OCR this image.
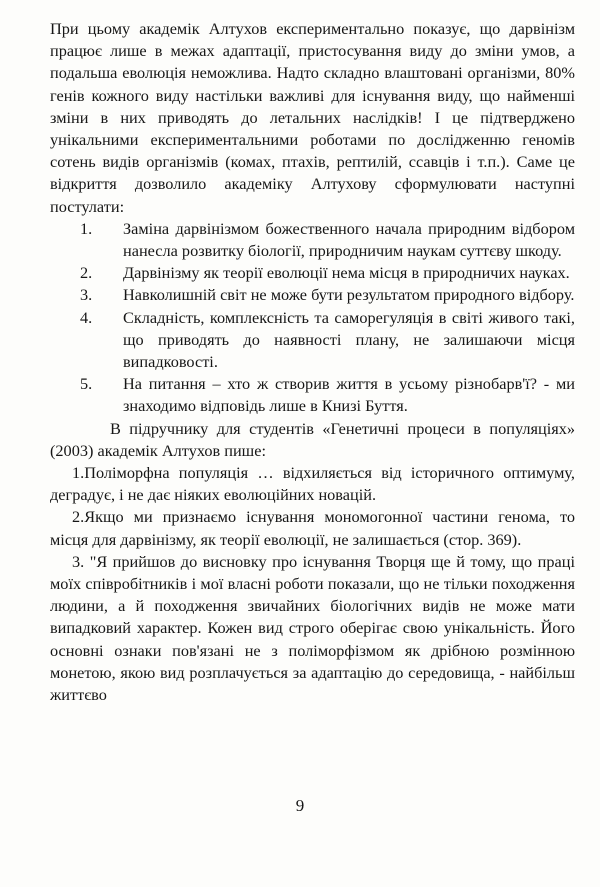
При цьому академік Алтухов експериментально показує, що дарвінізм працює лише в межах адаптації, пристосування виду до зміни умов, а подальша еволюція неможлива. Надто складно влаштовані організми, 80% генів кожного виду настільки важливі для існування виду, що найменші зміни в них приводять до летальних наслідків! І це підтверджено унікальними експериментальними роботами по дослідженню геномів сотень видів організмів (комах, птахів, рептилій, ссавців і т.п.). Саме це відкриття дозволило академіку Алтухову сформулювати наступні постулати:

1. Заміна дарвінізмом божественного начала природним відбором нанесла розвитку біології, природничим наукам суттєву шкоду.
2. Дарвінізму як теорії еволюції нема місця в природничих науках.
3. Навколишній світ не може бути результатом природного відбору.
4. Складність, комплексність та саморегуляція в світі живого такі, що приводять до наявності плану, не залишаючи місця випадковості.
5. На питання – хто ж створив життя в усьому різнобарв'ї? - ми знаходимо відповідь лише в Книзі Буття.

В підручнику для студентів «Генетичні процеси в популяціях» (2003) академік Алтухов пише:

1.Поліморфна популяція … відхиляється від історичного оптимуму, деградує, і не дає ніяких еволюційних новацій.

2.Якщо ми признаємо існування мономогонної частини генома, то місця для дарвінізму, як теорії еволюції, не залишається (стор. 369).

3. "Я прийшов до висновку про існування Творця ще й тому, що праці моїх співробітників і мої власні роботи показали, що не тільки походження людини, а й походження звичайних біологічних видів не може мати випадковий характер. Кожен вид строго оберігає свою унікальність. Його основні ознаки пов'язані не з поліморфізмом як дрібною розмінною монетою, якою вид розплачується за адаптацію до середовища, - найбільш життєво

9
